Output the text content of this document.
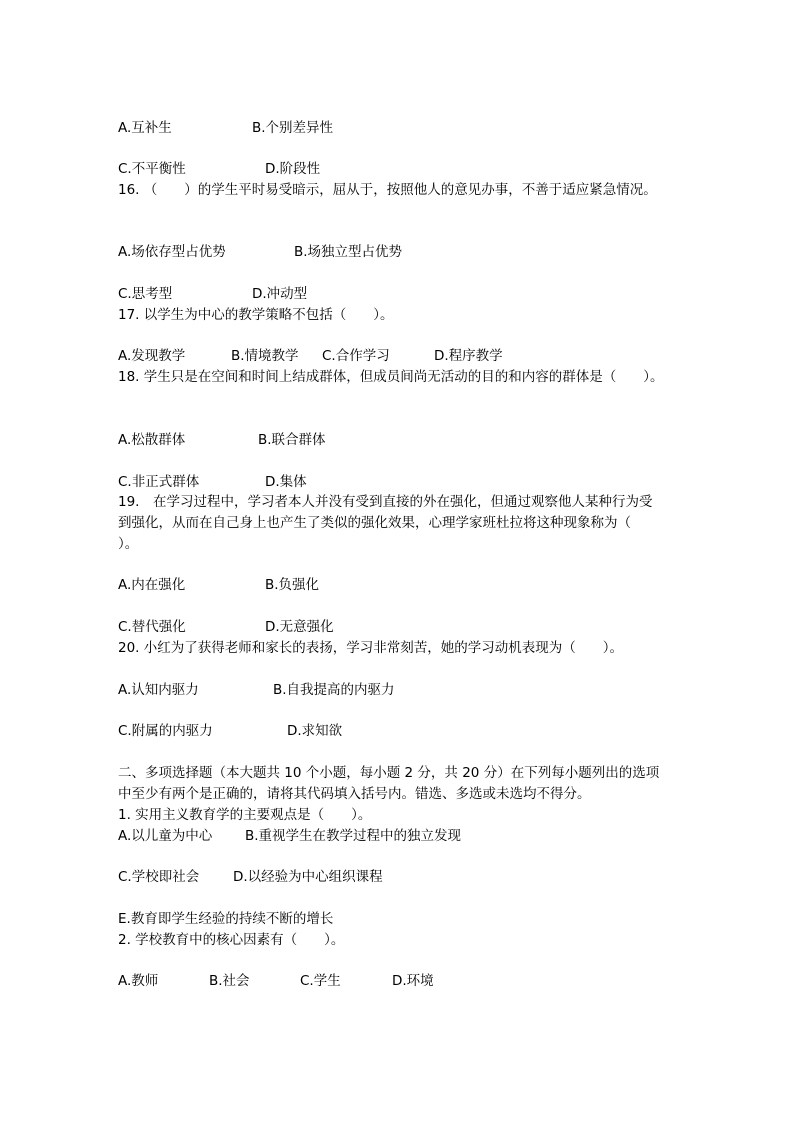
A.互补生	B.个别差异性
C.不平衡性	D.阶段性
16. （　　）的学生平时易受暗示，屈从于，按照他人的意见办事，不善于适应紧急情况。
A.场依存型占优势	B.场独立型占优势
C.思考型	D.冲动型
17. 以学生为中心的教学策略不包括（　　）。
A.发现教学	B.情境教学 C.合作学习	D.程序教学
18. 学生只是在空间和时间上结成群体，但成员间尚无活动的目的和内容的群体是（　　）。
A.松散群体	B.联合群体
C.非正式群体	D.集体
19.　在学习过程中，学习者本人并没有受到直接的外在强化，但通过观察他人某种行为受
到强化，从而在自己身上也产生了类似的强化效果，心理学家班杜拉将这种现象称为（
）。
A.内在强化	B.负强化
C.替代强化	D.无意强化
20. 小红为了获得老师和家长的表扬，学习非常刻苦，她的学习动机表现为（　　）。
A.认知内驱力	B.自我提高的内驱力
C.附属的内驱力	D.求知欲
二、多项选择题（本大题共 10 个小题，每小题 2 分，共 20 分）在下列每小题列出的选项
中至少有两个是正确的，请将其代码填入括号内。错选、多选或未选均不得分。
1. 实用主义教育学的主要观点是（　　）。
A.以儿童为中心 B.重视学生在教学过程中的独立发现
C.学校即社会	D.以经验为中心组织课程
E.教育即学生经验的持续不断的增长
2. 学校教育中的核心因素有（　　）。
A.教师	B.社会	C.学生	D.环境
